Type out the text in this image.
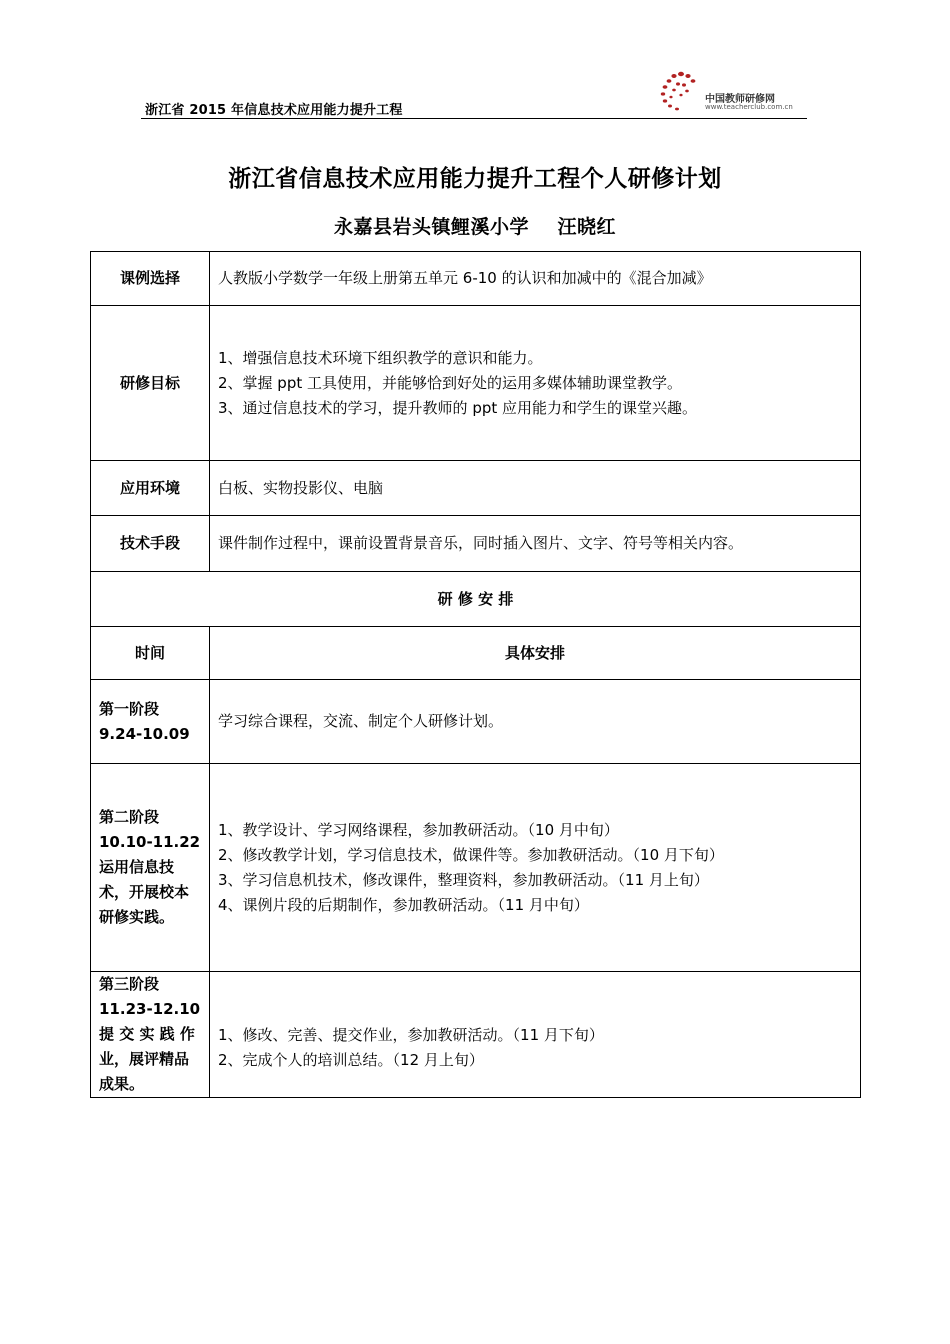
浙江省 2015 年信息技术应用能力提升工程
中国教师研修网
www.teacherclub.com.cn
浙江省信息技术应用能力提升工程个人研修计划
永嘉县岩头镇鲤溪小学    汪晓红
课例选择	人教版小学数学一年级上册第五单元 6-10 的认识和加减中的《混合加减》
研修目标	1、增强信息技术环境下组织教学的意识和能力。
2、掌握 ppt 工具使用，并能够恰到好处的运用多媒体辅助课堂教学。
3、通过信息技术的学习，提升教师的 ppt 应用能力和学生的课堂兴趣。

应用环境	白板、实物投影仪、电脑
技术手段	课件制作过程中，课前设置背景音乐，同时插入图片、文字、符号等相关内容。
研 修 安 排	
时间	具体安排

第一阶段
9.24-10.09	学习综合课程，交流、制定个人研修计划。

第二阶段
10.10-11.22
运用信息技
术，开展校本
研修实践。	1、教学设计、学习网络课程，参加教研活动。（10 月中旬）
2、修改教学计划，学习信息技术，做课件等。参加教研活动。（10 月下旬）
3、学习信息机技术，修改课件，整理资料，参加教研活动。（11 月上旬）
4、课例片段的后期制作，参加教研活动。（11 月中旬）

第三阶段
11.23-12.10
提 交 实 践 作
业，展评精品
成果。	1、修改、完善、提交作业，参加教研活动。（11 月下旬）
2、完成个人的培训总结。（12 月上旬）
